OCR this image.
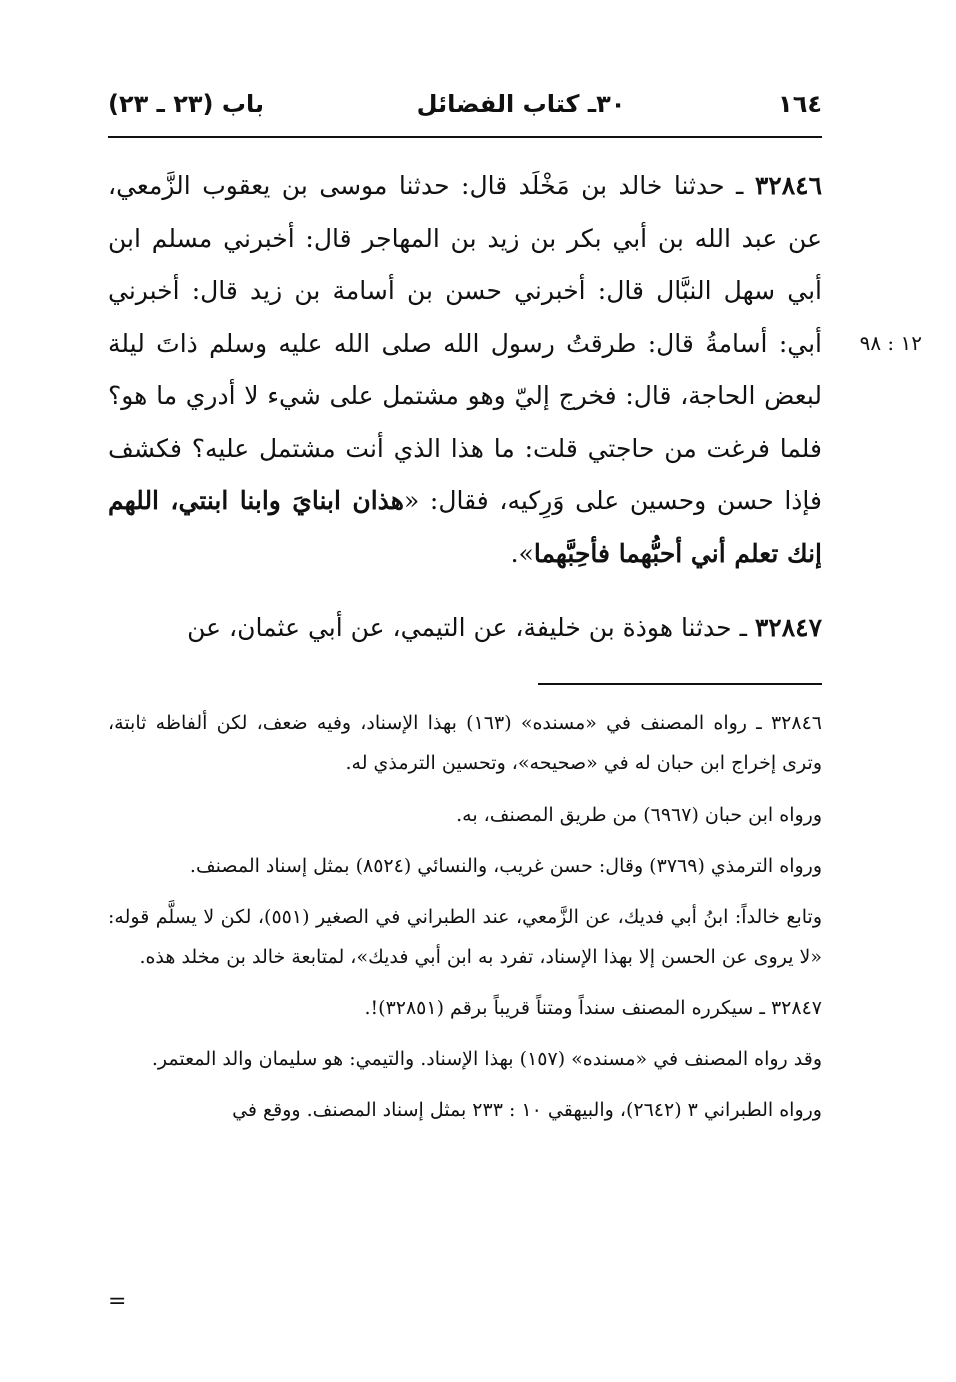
١٦٤
٣٠ـ كتاب الفضائل
باب (٢٣ ـ ٢٣)
١٢ : ٩٨

٣٢٨٤٦ ـ حدثنا خالد بن مَخْلَد قال: حدثنا موسى بن يعقوب الزَّمعي، عن عبد الله بن أبي بكر بن زيد بن المهاجر قال: أخبرني مسلم ابن أبي سهل النبَّال قال: أخبرني حسن بن أسامة بن زيد قال: أخبرني أبي: أسامةُ قال: طرقتُ رسول الله صلى الله عليه وسلم ذاتَ ليلة لبعض الحاجة، قال: فخرج إليّ وهو مشتمل على شيء لا أدري ما هو؟ فلما فرغت من حاجتي قلت: ما هذا الذي أنت مشتمل عليه؟ فكشف فإذا حسن وحسين على وَرِكيه، فقال: «هذان ابنايَ وابنا ابنتي، اللهم إنك تعلم أني أحبُّهما فأحِبَّهما».

٣٢٨٤٧ ـ حدثنا هوذة بن خليفة، عن التيمي، عن أبي عثمان، عن

٣٢٨٤٦ ـ رواه المصنف في «مسنده» (١٦٣) بهذا الإسناد، وفيه ضعف، لكن ألفاظه ثابتة، وترى إخراج ابن حبان له في «صحيحه»، وتحسين الترمذي له.

ورواه ابن حبان (٦٩٦٧) من طريق المصنف، به.

ورواه الترمذي (٣٧٦٩) وقال: حسن غريب، والنسائي (٨٥٢٤) بمثل إسناد المصنف.

وتابع خالداً: ابنُ أبي فديك، عن الزَّمعي، عند الطبراني في الصغير (٥٥١)، لكن لا يسلَّم قوله: «لا يروى عن الحسن إلا بهذا الإسناد، تفرد به ابن أبي فديك»، لمتابعة خالد بن مخلد هذه.

٣٢٨٤٧ ـ سيكرره المصنف سنداً ومتناً قريباً برقم (٣٢٨٥١)!.

وقد رواه المصنف في «مسنده» (١٥٧) بهذا الإسناد. والتيمي: هو سليمان والد المعتمر.

ورواه الطبراني ٣ (٢٦٤٢)، والبيهقي ١٠ : ٢٣٣ بمثل إسناد المصنف. ووقع في

=
